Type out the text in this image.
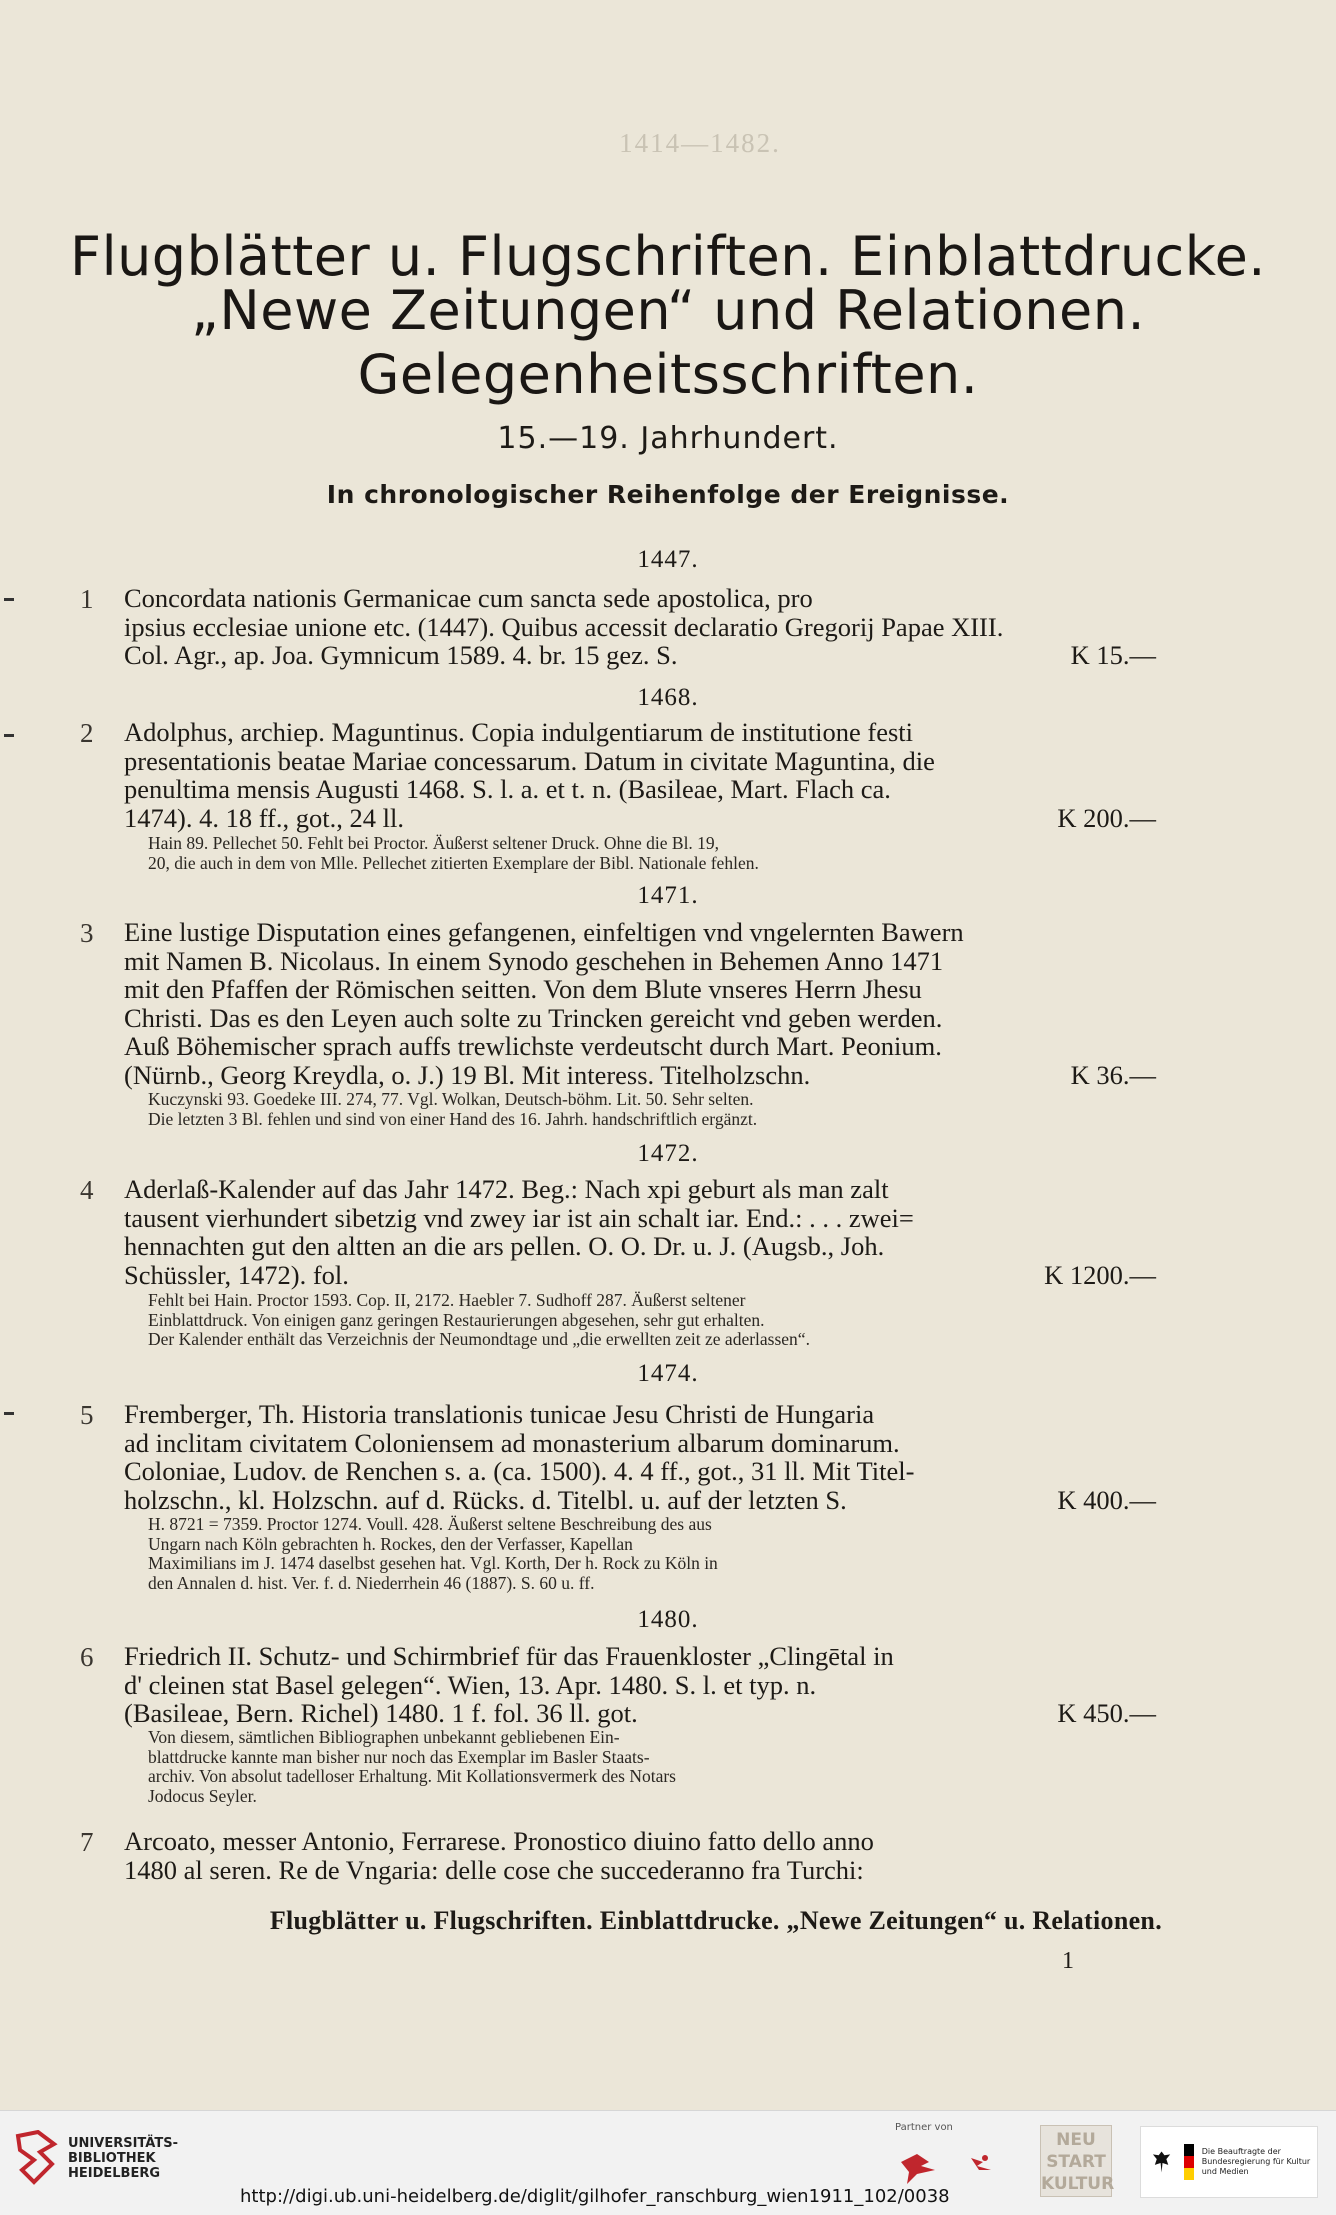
1414—1482.
Flugblätter u. Flugschriften. Einblattdrucke.
„Newe Zeitungen“ und Relationen.
Gelegenheitsschriften.
15.—19. Jahrhundert.
In chronologischer Reihenfolge der Ereignisse.
1447.
1 Concordata nationis Germanicae cum sancta sede apostolica, pro
ipsius ecclesiae unione etc. (1447). Quibus accessit declaratio Gregorij Papae XIII.
Col. Agr., ap. Joa. Gymnicum 1589. 4. br. 15 gez. S.	K 15.—
1468.
2 Adolphus, archiep. Maguntinus. Copia indulgentiarum de institutione festi
presentationis beatae Mariae concessarum. Datum in civitate Maguntina, die
penultima mensis Augusti 1468. S. l. a. et t. n. (Basileae, Mart. Flach ca.
1474). 4. 18 ff., got., 24 ll.	K 200.—
Hain 89. Pellechet 50. Fehlt bei Proctor. Äußerst seltener Druck. Ohne die Bl. 19,
20, die auch in dem von Mlle. Pellechet zitierten Exemplare der Bibl. Nationale fehlen.
1471.
3 Eine lustige Disputation eines gefangenen, einfeltigen vnd vngelernten Bawern
mit Namen B. Nicolaus. In einem Synodo geschehen in Behemen Anno 1471
mit den Pfaffen der Römischen seitten. Von dem Blute vnseres Herrn Jhesu
Christi. Das es den Leyen auch solte zu Trincken gereicht vnd geben werden.
Auß Böhemischer sprach auffs trewlichste verdeutscht durch Mart. Peonium.
(Nürnb., Georg Kreydla, o. J.) 19 Bl. Mit interess. Titelholzschn.	K 36.—
Kuczynski 93. Goedeke III. 274, 77. Vgl. Wolkan, Deutsch-böhm. Lit. 50. Sehr selten.
Die letzten 3 Bl. fehlen und sind von einer Hand des 16. Jahrh. handschriftlich ergänzt.
1472.
4 Aderlaß-Kalender auf das Jahr 1472. Beg.: Nach xpi geburt als man zalt
tausent vierhundert sibetzig vnd zwey iar ist ain schalt iar. End.: . . . zwei=
hennachten gut den altten an die ars pellen. O. O. Dr. u. J. (Augsb., Joh.
Schüssler, 1472). fol.	K 1200.—
Fehlt bei Hain. Proctor 1593. Cop. II, 2172. Haebler 7. Sudhoff 287. Äußerst seltener
Einblattdruck. Von einigen ganz geringen Restaurierungen abgesehen, sehr gut erhalten.
Der Kalender enthält das Verzeichnis der Neumondtage und „die erwellten zeit ze aderlassen“.
1474.
5 Fremberger, Th. Historia translationis tunicae Jesu Christi de Hungaria
ad inclitam civitatem Coloniensem ad monasterium albarum dominarum.
Coloniae, Ludov. de Renchen s. a. (ca. 1500). 4. 4 ff., got., 31 ll. Mit Titel-
holzschn., kl. Holzschn. auf d. Rücks. d. Titelbl. u. auf der letzten S.	K 400.—
H. 8721 = 7359. Proctor 1274. Voull. 428. Äußerst seltene Beschreibung des aus
Ungarn nach Köln gebrachten h. Rockes, den der Verfasser, Kapellan
Maximilians im J. 1474 daselbst gesehen hat. Vgl. Korth, Der h. Rock zu Köln in
den Annalen d. hist. Ver. f. d. Niederrhein 46 (1887). S. 60 u. ff.
1480.
6 Friedrich II. Schutz- und Schirmbrief für das Frauenkloster „Clingētal in
d' cleinen stat Basel gelegen“. Wien, 13. Apr. 1480. S. l. et typ. n.
(Basileae, Bern. Richel) 1480. 1 f. fol. 36 ll. got.	K 450.—
Von diesem, sämtlichen Bibliographen unbekannt gebliebenen Ein-
blattdrucke kannte man bisher nur noch das Exemplar im Basler Staats-
archiv. Von absolut tadelloser Erhaltung. Mit Kollationsvermerk des Notars
Jodocus Seyler.
7 Arcoato, messer Antonio, Ferrarese. Pronostico diuino fatto dello anno
1480 al seren. Re de Vngaria: delle cose che succederanno fra Turchi:
Flugblätter u. Flugschriften. Einblattdrucke. „Newe Zeitungen“ u. Relationen.
1
UNIVERSITÄTS-
BIBLIOTHEK
HEIDELBERG
Partner von
NEU
START
KULTUR
Die Beauftragte der Bundesregierung für Kultur und Medien
http://digi.ub.uni-heidelberg.de/diglit/gilhofer_ranschburg_wien1911_102/0038
